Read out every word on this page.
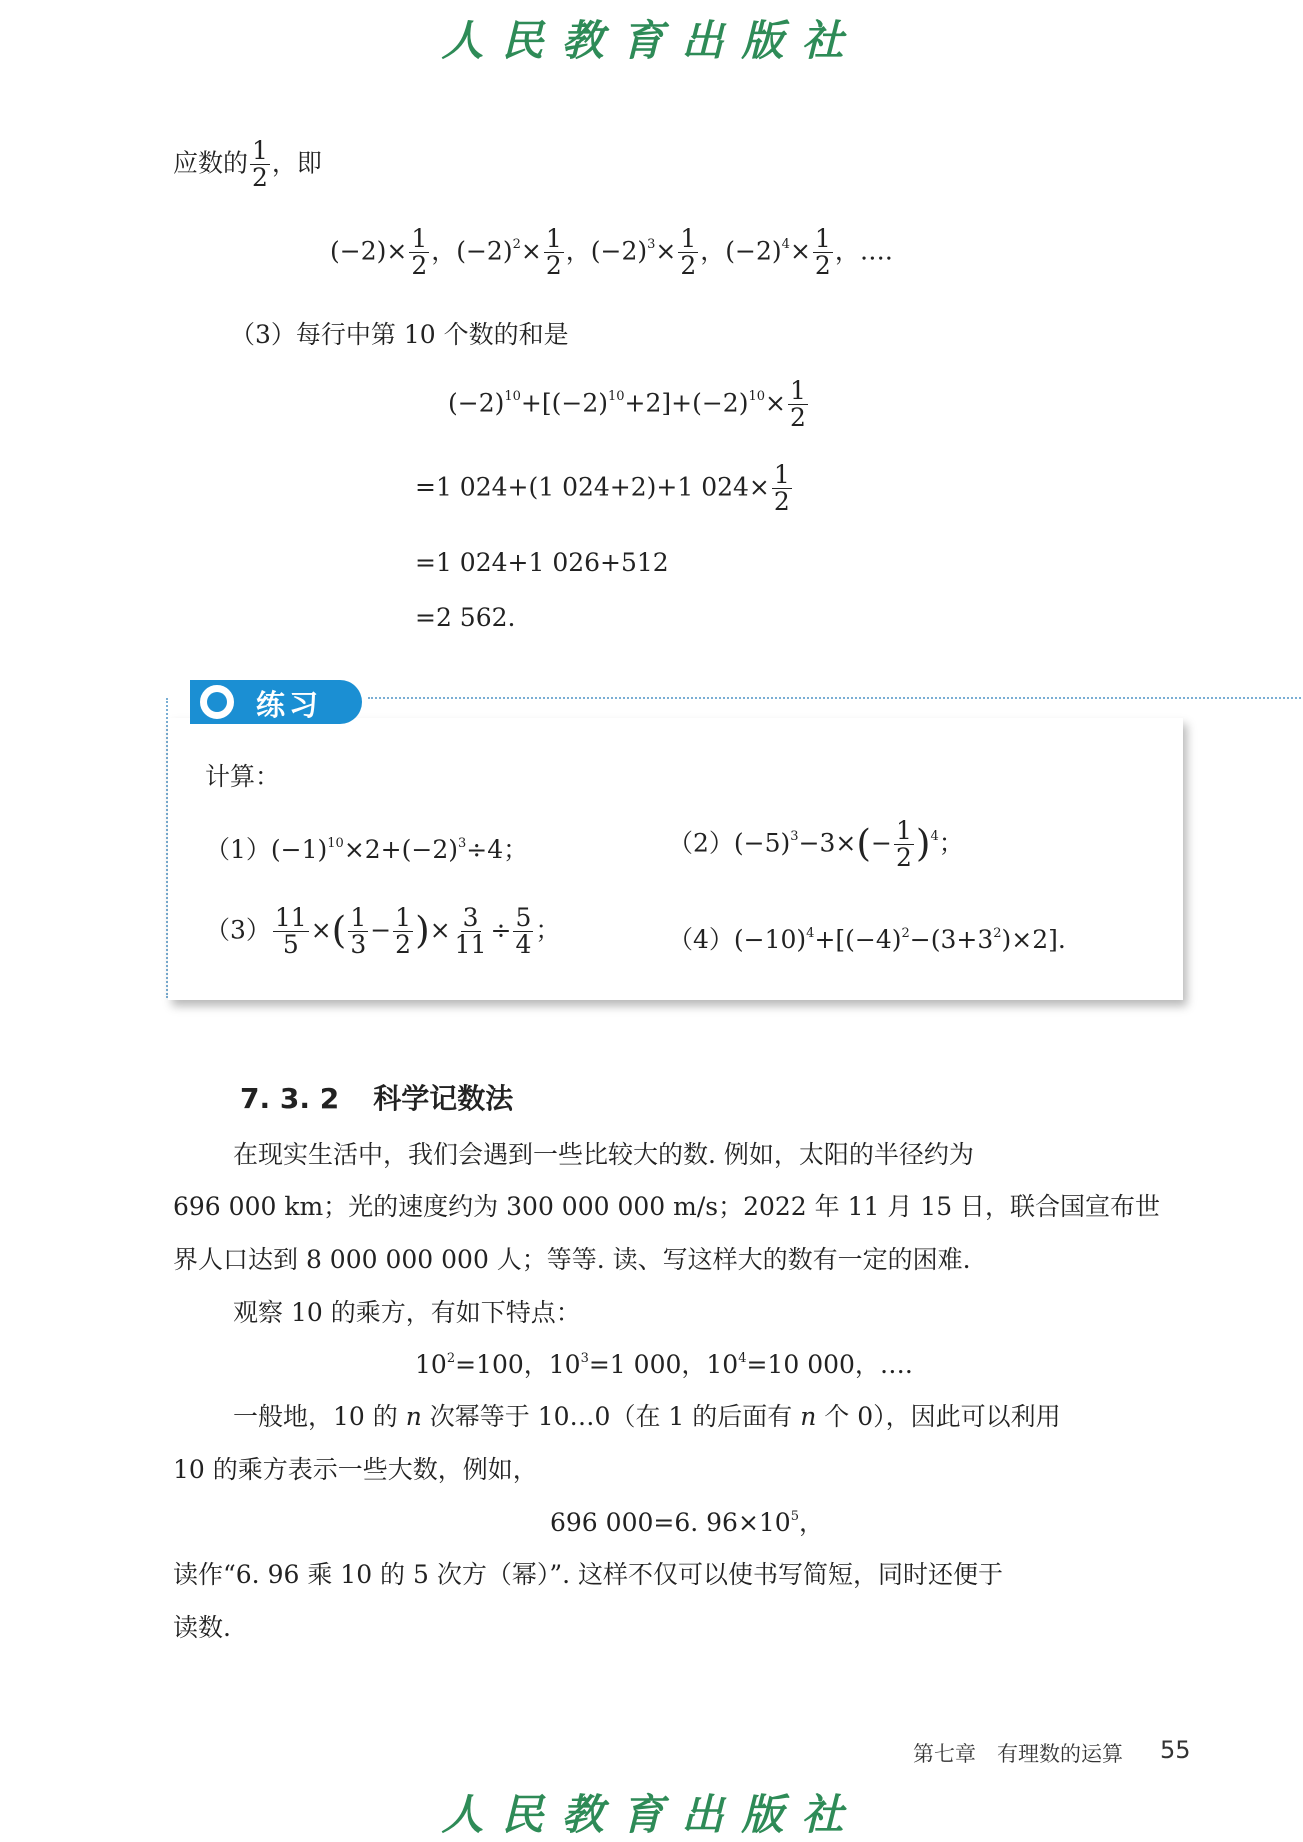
人民教育出版社
人民教育出版社
应数的 $\frac{1}{2}$ ，即
$(-2)\times \frac{1}{2}$ ，$(-2)^2\times \frac{1}{2}$ ，$(-2)^3\times \frac{1}{2}$ ，$(-2)^4\times \frac{1}{2}$ ，….
（3）每行中第 10 个数的和是
$(-2)^{10}+[(-2)^{10}+2]+(-2)^{10}\times \frac{1}{2}$
=1 024+(1 024+2)+1 $024\times \frac{1}{2}$
=1 024+1 026+512
=2 562.
练习
计算：
$(1)(-1)^{10}\times 2+(-2)^3\div 4$；	$(2)(-5)^3-3\times(- \frac{1}{2} )^4$；
$(3) \frac{11}{5}$ ×( $\frac{1}{3} - \frac{1}{2}$ )× $\frac{3}{11} \div \frac{5}{4}$ ；	$(4)(-10)^4+[(-4)^2-(3+3^2)\times 2]$.
7. 3. 2 科学记数法
在现实生活中，我们会遇到一些比较大的数. 例如，太阳的半径约为
696 000 km；光的速度约为 300 000 000 m/s；2022 年 11 月 15 日，联合国宣布世
界人口达到 8 000 000 000 人；等等. 读、写这样大的数有一定的困难.
观察 10 的乘方，有如下特点：
$10^2=100$，$10^3=1$ 000，$10^4=10$ 000，….
一般地，10 的 n 次幂等于 10…0（在 1 的后面有 n 个 0），因此可以利用
10 的乘方表示一些大数，例如，
696 000=6. $96\times 10^5$，
读作“6. 96 乘 10 的 5 次方（幂）”. 这样不仅可以使书写简短，同时还便于
读数.
第七章　有理数的运算 55
